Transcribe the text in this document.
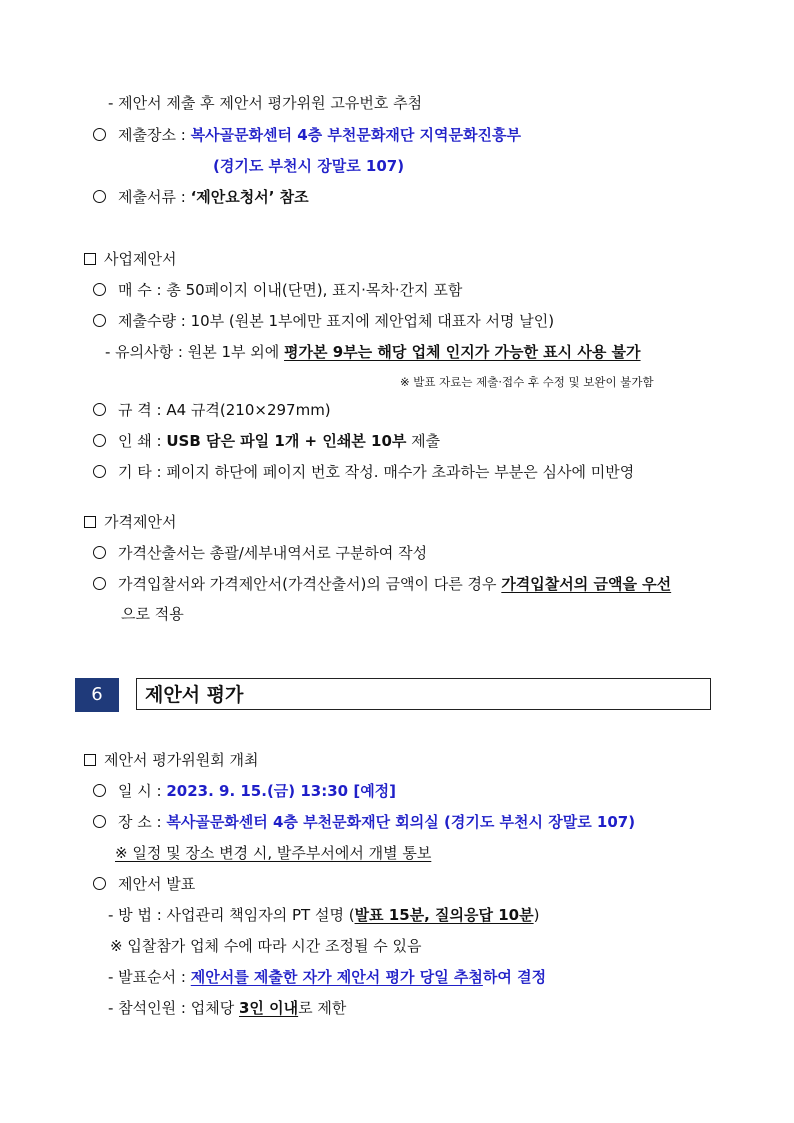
- 제안서 제출 후 제안서 평가위원 고유번호 추첨
제출장소 : 복사골문화센터 4층 부천문화재단 지역문화진흥부
(경기도 부천시 장말로 107)
제출서류 : ‘제안요청서’ 참조
사업제안서
매 수 : 총 50페이지 이내(단면), 표지·목차·간지 포함
제출수량 : 10부 (원본 1부에만 표지에 제안업체 대표자 서명 날인)
- 유의사항 : 원본 1부 외에 평가본 9부는 해당 업체 인지가 가능한 표시 사용 불가
※ 발표 자료는 제출·접수 후 수정 및 보완이 불가함
규 격 : A4 규격(210×297mm)
인 쇄 : USB 담은 파일 1개 + 인쇄본 10부 제출
기 타 : 페이지 하단에 페이지 번호 작성. 매수가 초과하는 부분은 심사에 미반영
가격제안서
가격산출서는 총괄/세부내역서로 구분하여 작성
가격입찰서와 가격제안서(가격산출서)의 금액이 다른 경우 가격입찰서의 금액을 우선
으로 적용
6	제안서 평가
제안서 평가위원회 개최
일 시 : 2023. 9. 15.(금) 13:30 [예정]
장 소 : 복사골문화센터 4층 부천문화재단 회의실 (경기도 부천시 장말로 107)
※ 일정 및 장소 변경 시, 발주부서에서 개별 통보
제안서 발표
- 방 법 : 사업관리 책임자의 PT 설명 (발표 15분, 질의응답 10분)
※ 입찰참가 업체 수에 따라 시간 조정될 수 있음
- 발표순서 : 제안서를 제출한 자가 제안서 평가 당일 추첨하여 결정
- 참석인원 : 업체당 3인 이내로 제한
